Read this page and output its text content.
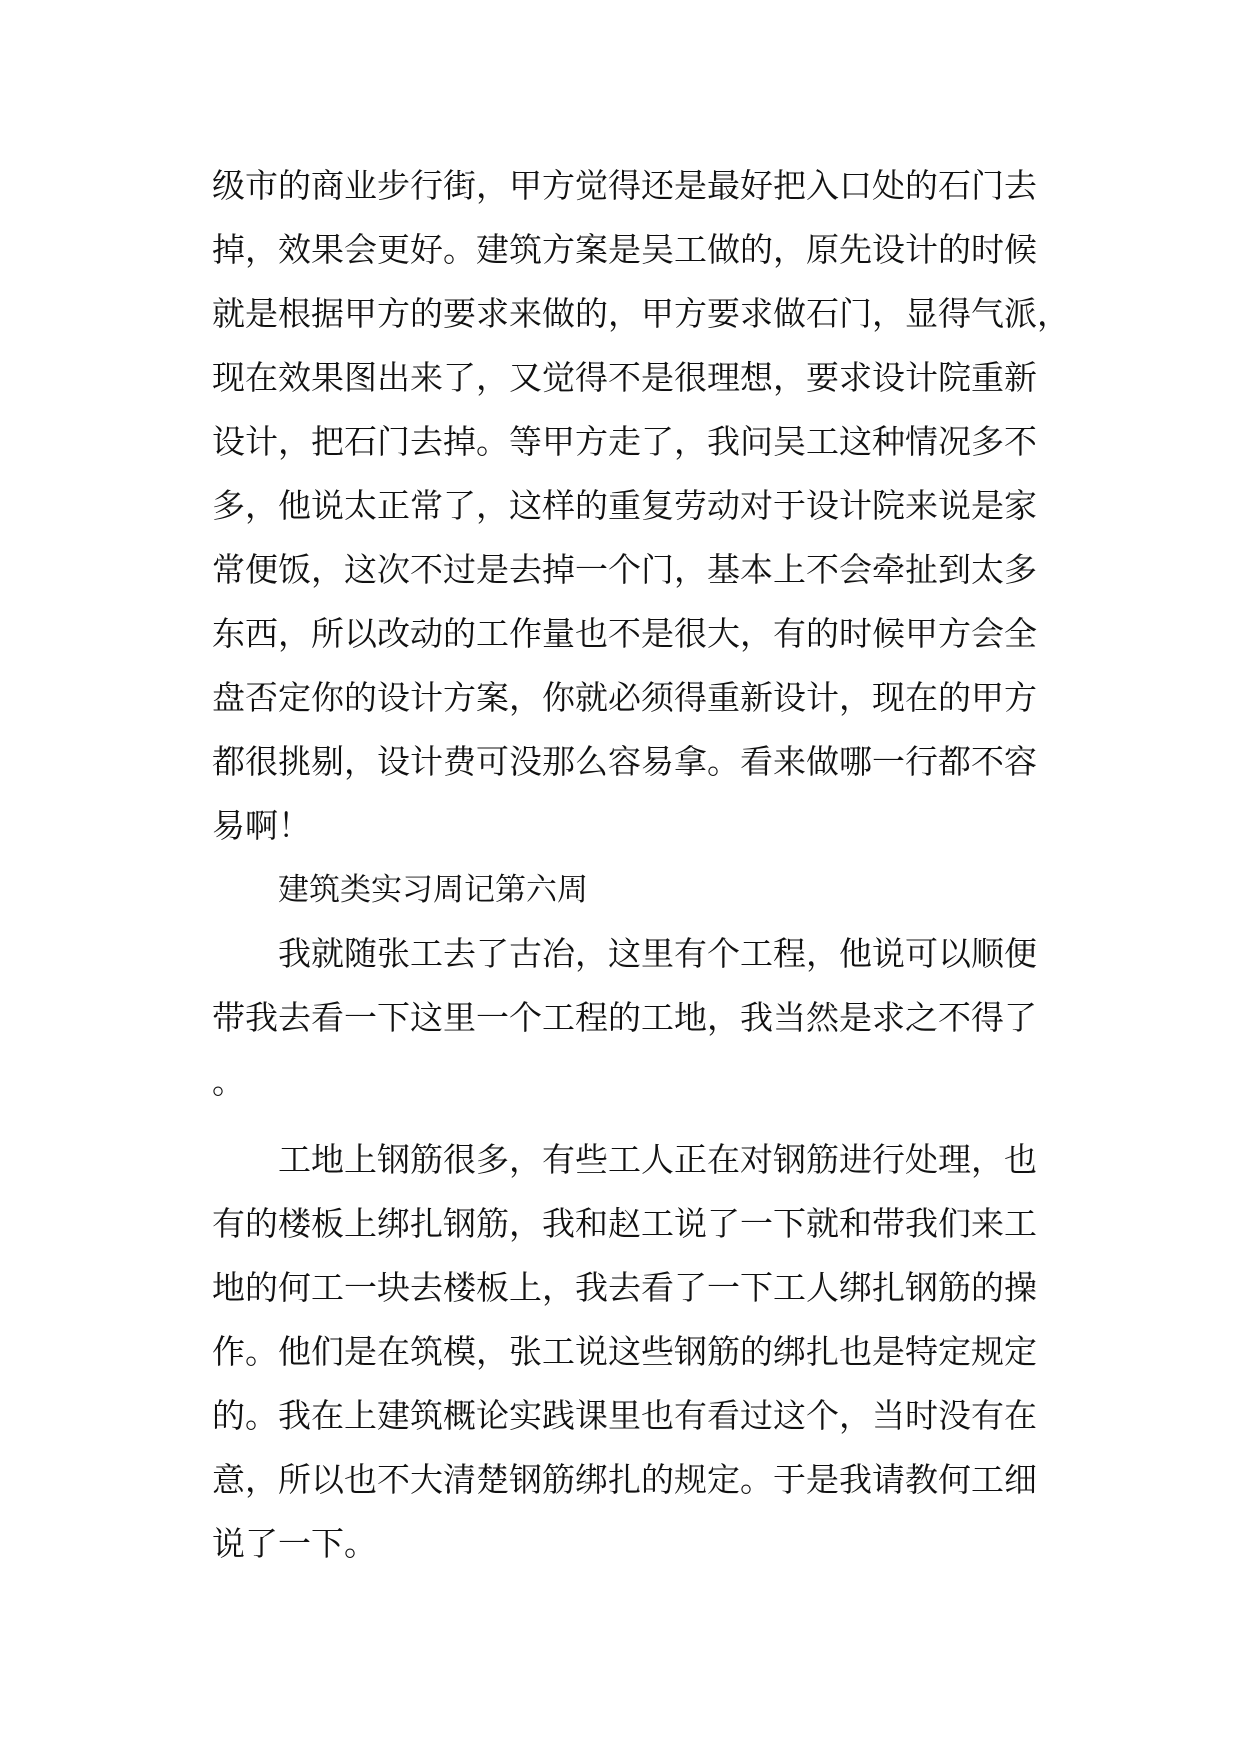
级市的商业步行街，甲方觉得还是最好把入口处的石门去
掉，效果会更好。建筑方案是吴工做的，原先设计的时候
就是根据甲方的要求来做的，甲方要求做石门，显得气派，
现在效果图出来了，又觉得不是很理想，要求设计院重新
设计，把石门去掉。等甲方走了，我问吴工这种情况多不
多，他说太正常了，这样的重复劳动对于设计院来说是家
常便饭，这次不过是去掉一个门，基本上不会牵扯到太多
东西，所以改动的工作量也不是很大，有的时候甲方会全
盘否定你的设计方案，你就必须得重新设计，现在的甲方
都很挑剔，设计费可没那么容易拿。看来做哪一行都不容
易啊！
建筑类实习周记第六周
我就随张工去了古冶，这里有个工程，他说可以顺便
带我去看一下这里一个工程的工地，我当然是求之不得了
。
工地上钢筋很多，有些工人正在对钢筋进行处理，也
有的楼板上绑扎钢筋，我和赵工说了一下就和带我们来工
地的何工一块去楼板上，我去看了一下工人绑扎钢筋的操
作。他们是在筑模，张工说这些钢筋的绑扎也是特定规定
的。我在上建筑概论实践课里也有看过这个，当时没有在
意，所以也不大清楚钢筋绑扎的规定。于是我请教何工细
说了一下。
